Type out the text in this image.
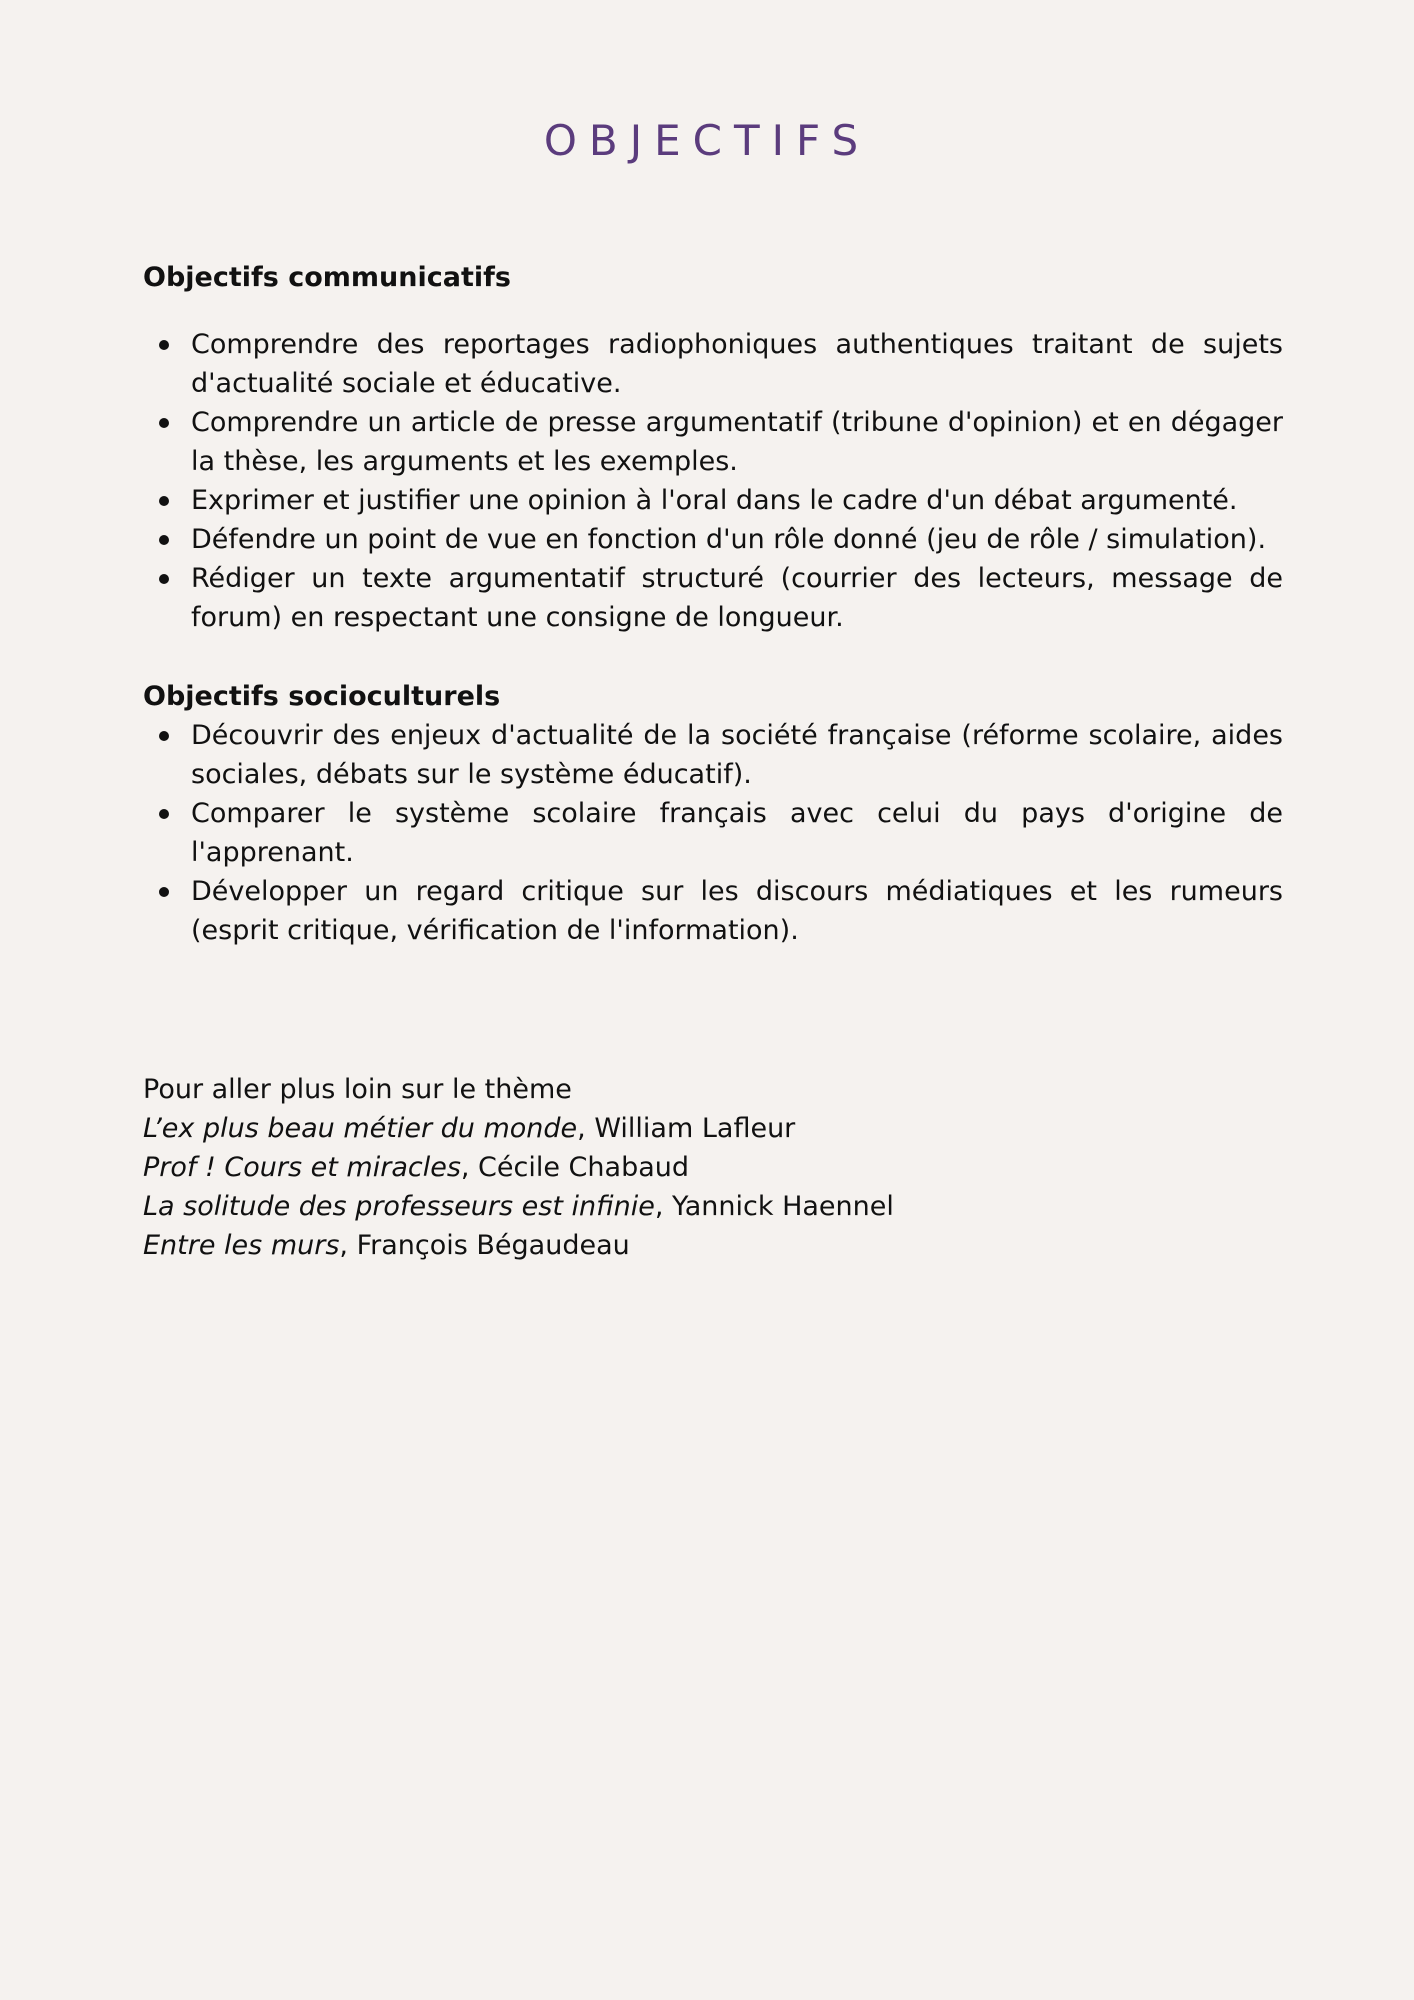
OBJECTIFS
Objectifs communicatifs
Comprendre des reportages radiophoniques authentiques traitant de sujets d'actualité sociale et éducative.
Comprendre un article de presse argumentatif (tribune d'opinion) et en dégager la thèse, les arguments et les exemples.
Exprimer et justifier une opinion à l'oral dans le cadre d'un débat argumenté.
Défendre un point de vue en fonction d'un rôle donné (jeu de rôle / simulation).
Rédiger un texte argumentatif structuré (courrier des lecteurs, message de forum) en respectant une consigne de longueur.
Objectifs socioculturels
Découvrir des enjeux d'actualité de la société française (réforme scolaire, aides sociales, débats sur le système éducatif).
Comparer le système scolaire français avec celui du pays d'origine de l'apprenant.
Développer un regard critique sur les discours médiatiques et les rumeurs (esprit critique, vérification de l'information).

Pour aller plus loin sur le thème

L’ex plus beau métier du monde, William Lafleur

Prof ! Cours et miracles, Cécile Chabaud

La solitude des professeurs est infinie, Yannick Haennel

Entre les murs, François Bégaudeau
